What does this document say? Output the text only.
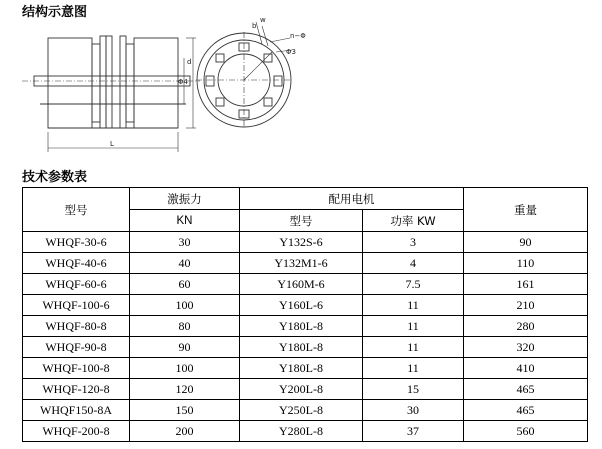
结构示意图
L
d
Φ4
b
w
n−Φ
Φ3
技术参数表
型号	激振力	配用电机		重量
	KN	型号	功率 KW	
WHQF-30-6	30	Y132S-6	3	90
WHQF-40-6	40	Y132M1-6	4	110
WHQF-60-6	60	Y160M-6	7.5	161
WHQF-100-6	100	Y160L-6	11	210
WHQF-80-8	80	Y180L-8	11	280
WHQF-90-8	90	Y180L-8	11	320
WHQF-100-8	100	Y180L-8	11	410
WHQF-120-8	120	Y200L-8	15	465
WHQF150-8A	150	Y250L-8	30	465
WHQF-200-8	200	Y280L-8	37	560
